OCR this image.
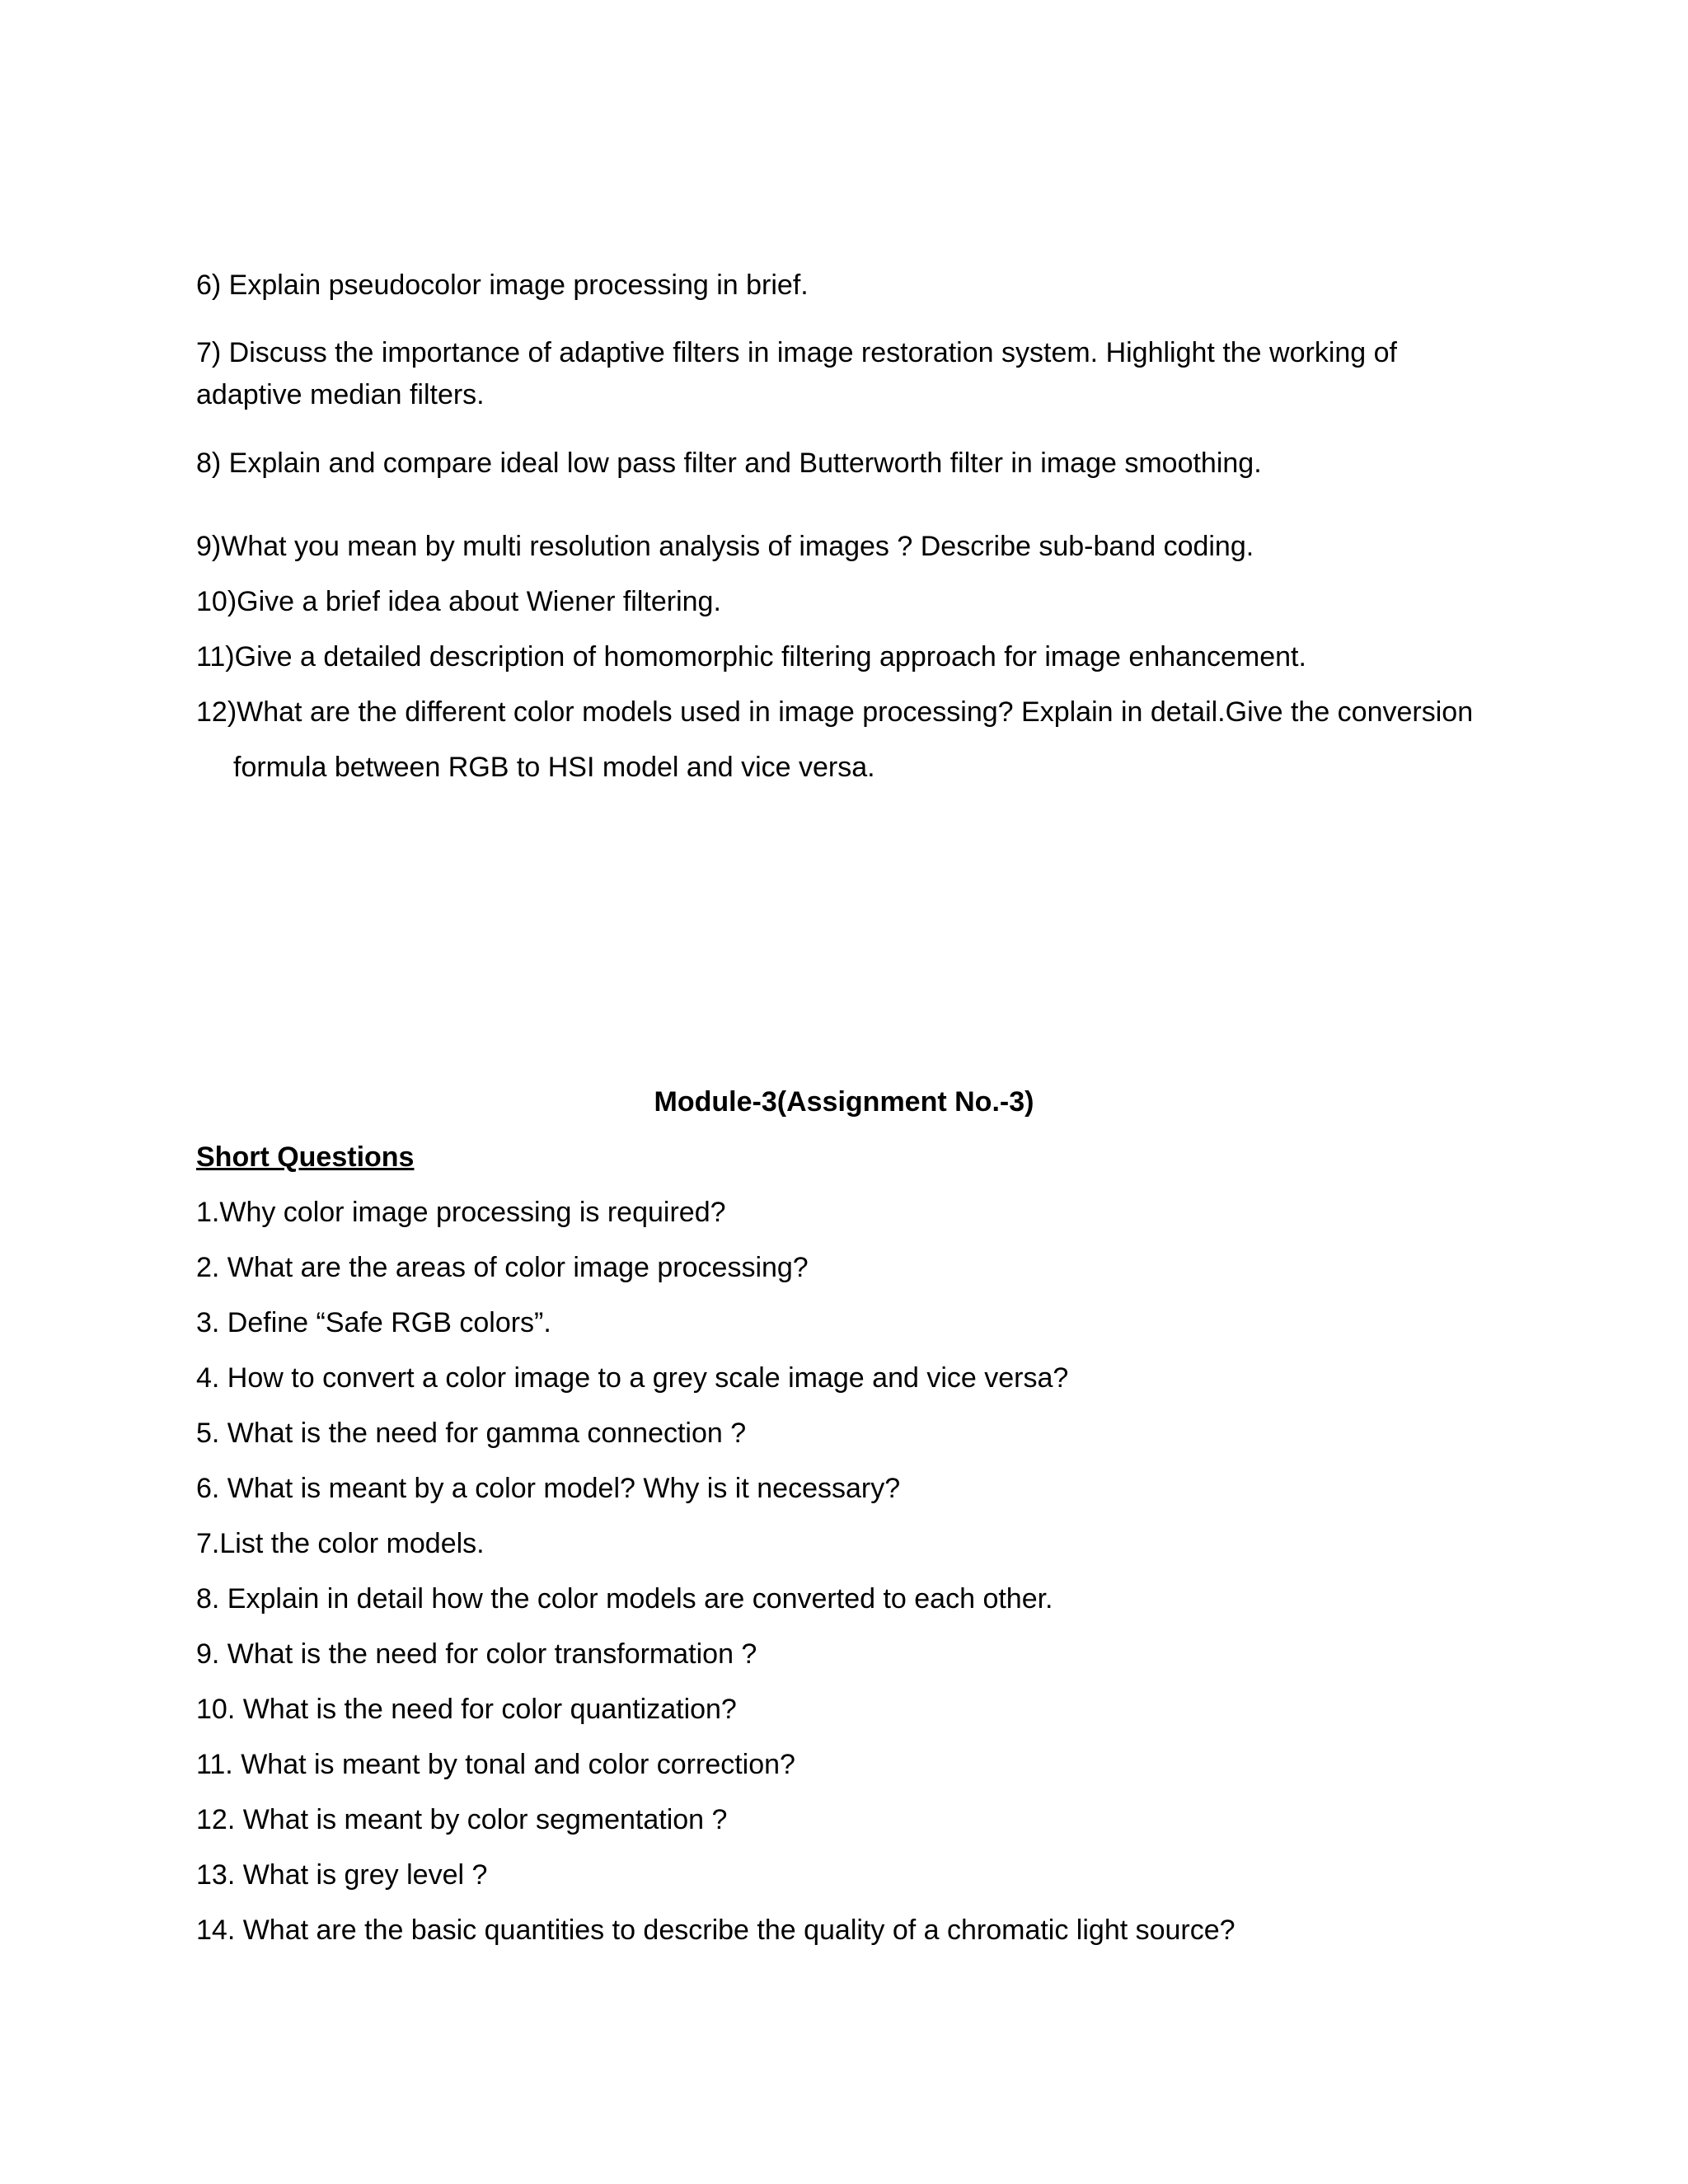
6) Explain pseudocolor image processing in brief.
7) Discuss the importance of adaptive filters in image restoration system. Highlight the working of
adaptive median filters.
8) Explain and compare ideal low pass filter and Butterworth filter in image smoothing.
9)What you mean by multi resolution analysis of images ? Describe sub-band coding.
10)Give a brief idea about Wiener filtering.
11)Give a detailed description of homomorphic filtering approach for image enhancement.
12)What are the different color models used in image processing? Explain in detail.Give the conversion
formula between RGB to HSI model and vice versa.
Module-3(Assignment No.-3)
Short Questions
1.Why color image processing is required?
2. What are the areas of color image processing?
3. Define “Safe RGB colors”.
4. How to convert a color image to a grey scale image and vice versa?
5. What is the need for gamma connection ?
6. What is meant by a color model? Why is it necessary?
7.List the color models.
8. Explain in detail how the color models are converted to each other.
9. What is the need for color transformation ?
10. What is the need for color quantization?
11. What is meant by tonal and color correction?
12. What is meant by color segmentation ?
13. What is grey level ?
14. What are the basic quantities to describe the quality of a chromatic light source?
